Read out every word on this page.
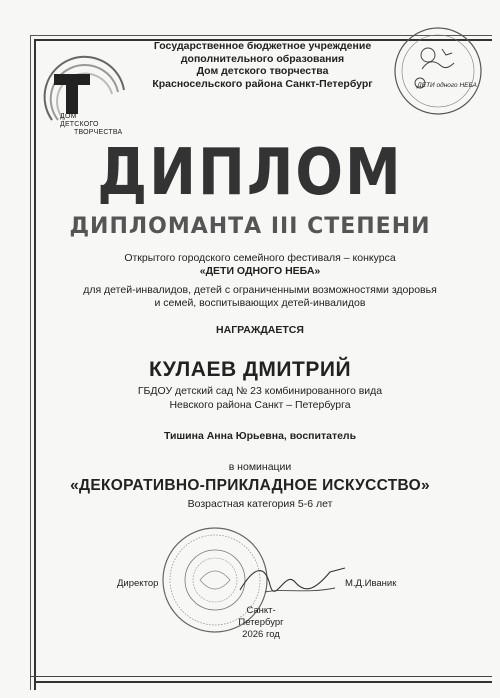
ДОМ
ДЕТСКОГО
ТВОРЧЕСТВА
Государственное бюджетное учреждение
дополнительного образования
Дом детского творчества
Красносельского района Санкт-Петербург	ДЕТИ одного НЕБА
ДИПЛОМ
ДИПЛОМАНТА III СТЕПЕНИ
Открытого городского семейного фестиваля – конкурса
«ДЕТИ ОДНОГО НЕБА»
для детей-инвалидов, детей с ограниченными возможностями здоровья
и семей, воспитывающих детей-инвалидов
НАГРАЖДАЕТСЯ
КУЛАЕВ ДМИТРИЙ
ГБДОУ детский сад № 23 комбинированного вида
Невского района Санкт – Петербурга
Тишина Анна Юрьевна, воспитатель
в номинации
«ДЕКОРАТИВНО-ПРИКЛАДНОЕ ИСКУССТВО»
Возрастная категория 5-6 лет
Директор	М.Д.Иваник
Санкт-Петербург
2026 год
